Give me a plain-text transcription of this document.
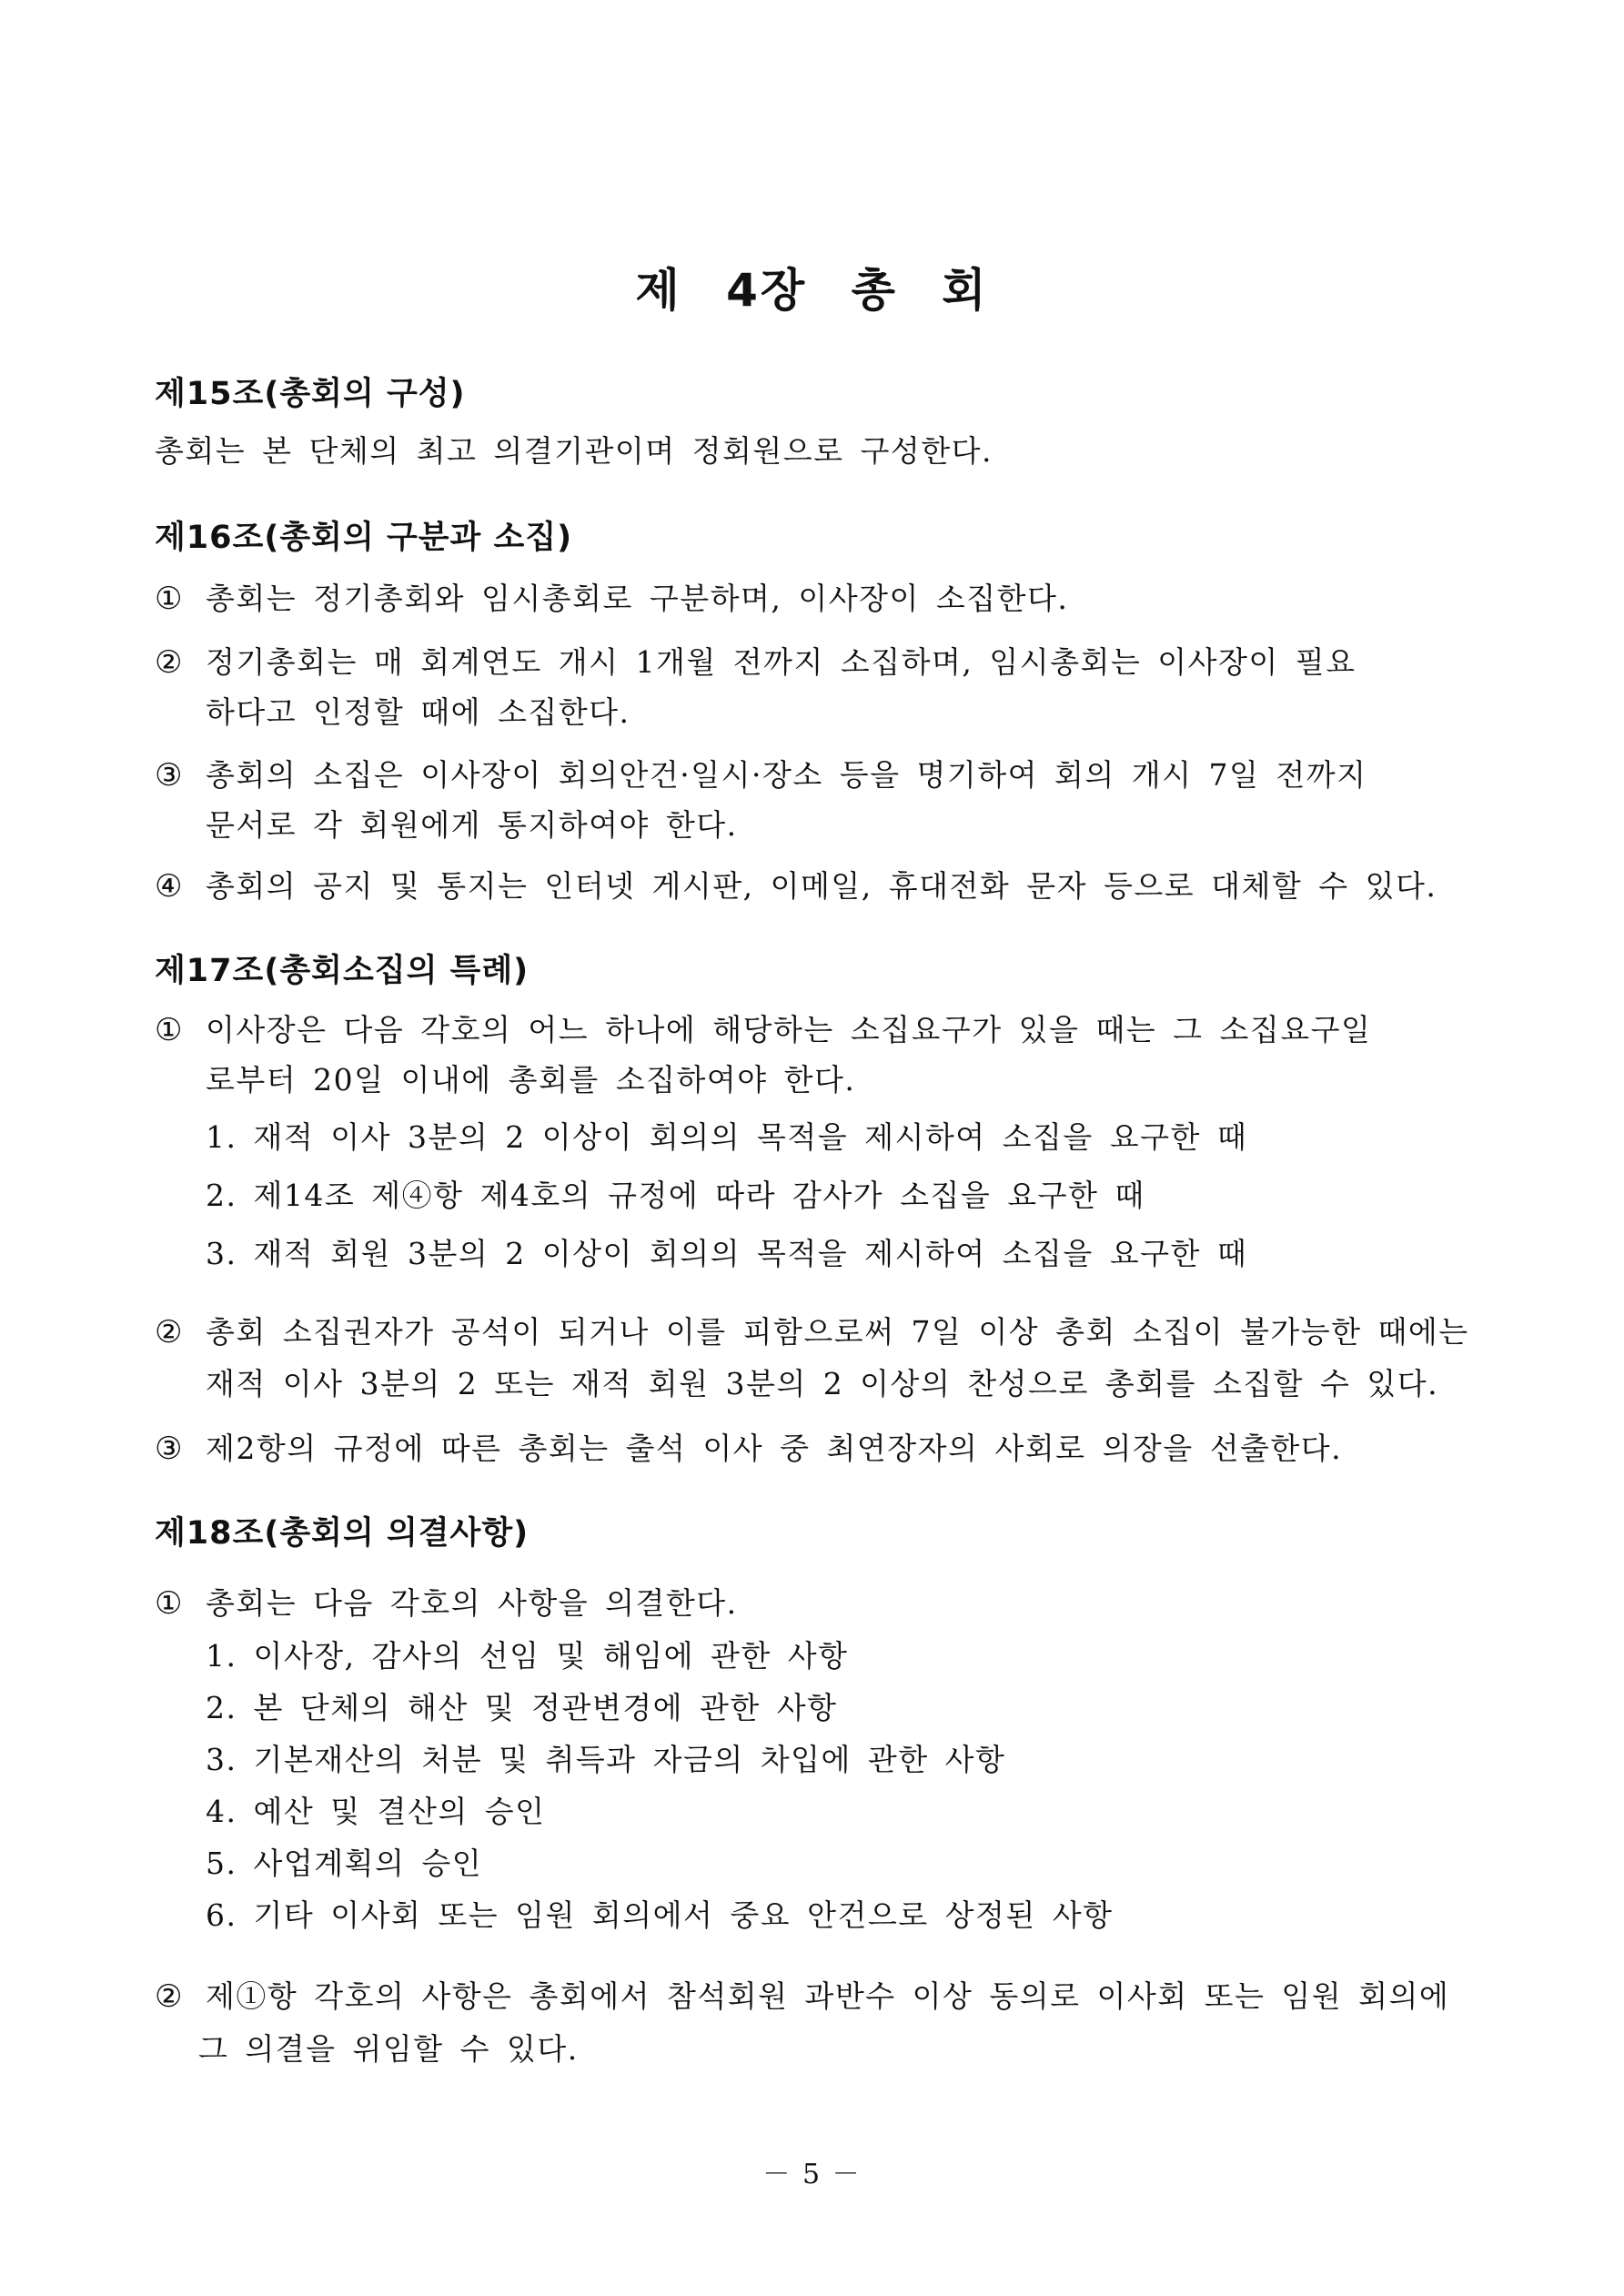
제 4장 총 회
제15조(총회의 구성)
총회는 본 단체의 최고 의결기관이며 정회원으로 구성한다.
제16조(총회의 구분과 소집)
① 총회는 정기총회와 임시총회로 구분하며, 이사장이 소집한다.
② 정기총회는 매 회계연도 개시 1개월 전까지 소집하며, 임시총회는 이사장이 필요
하다고 인정할 때에 소집한다.
③ 총회의 소집은 이사장이 회의안건·일시·장소 등을 명기하여 회의 개시 7일 전까지
문서로 각 회원에게 통지하여야 한다.
④ 총회의 공지 및 통지는 인터넷 게시판, 이메일, 휴대전화 문자 등으로 대체할 수 있다.
제17조(총회소집의 특례)
① 이사장은 다음 각호의 어느 하나에 해당하는 소집요구가 있을 때는 그 소집요구일
로부터 20일 이내에 총회를 소집하여야 한다.
1. 재적 이사 3분의 2 이상이 회의의 목적을 제시하여 소집을 요구한 때
2. 제14조 제④항 제4호의 규정에 따라 감사가 소집을 요구한 때
3. 재적 회원 3분의 2 이상이 회의의 목적을 제시하여 소집을 요구한 때
② 총회 소집권자가 공석이 되거나 이를 피함으로써 7일 이상 총회 소집이 불가능한 때에는
재적 이사 3분의 2 또는 재적 회원 3분의 2 이상의 찬성으로 총회를 소집할 수 있다.
③ 제2항의 규정에 따른 총회는 출석 이사 중 최연장자의 사회로 의장을 선출한다.
제18조(총회의 의결사항)
① 총회는 다음 각호의 사항을 의결한다.
1. 이사장, 감사의 선임 및 해임에 관한 사항
2. 본 단체의 해산 및 정관변경에 관한 사항
3. 기본재산의 처분 및 취득과 자금의 차입에 관한 사항
4. 예산 및 결산의 승인
5. 사업계획의 승인
6. 기타 이사회 또는 임원 회의에서 중요 안건으로 상정된 사항
② 제①항 각호의 사항은 총회에서 참석회원 과반수 이상 동의로 이사회 또는 임원 회의에
그 의결을 위임할 수 있다.
－ 5 －
